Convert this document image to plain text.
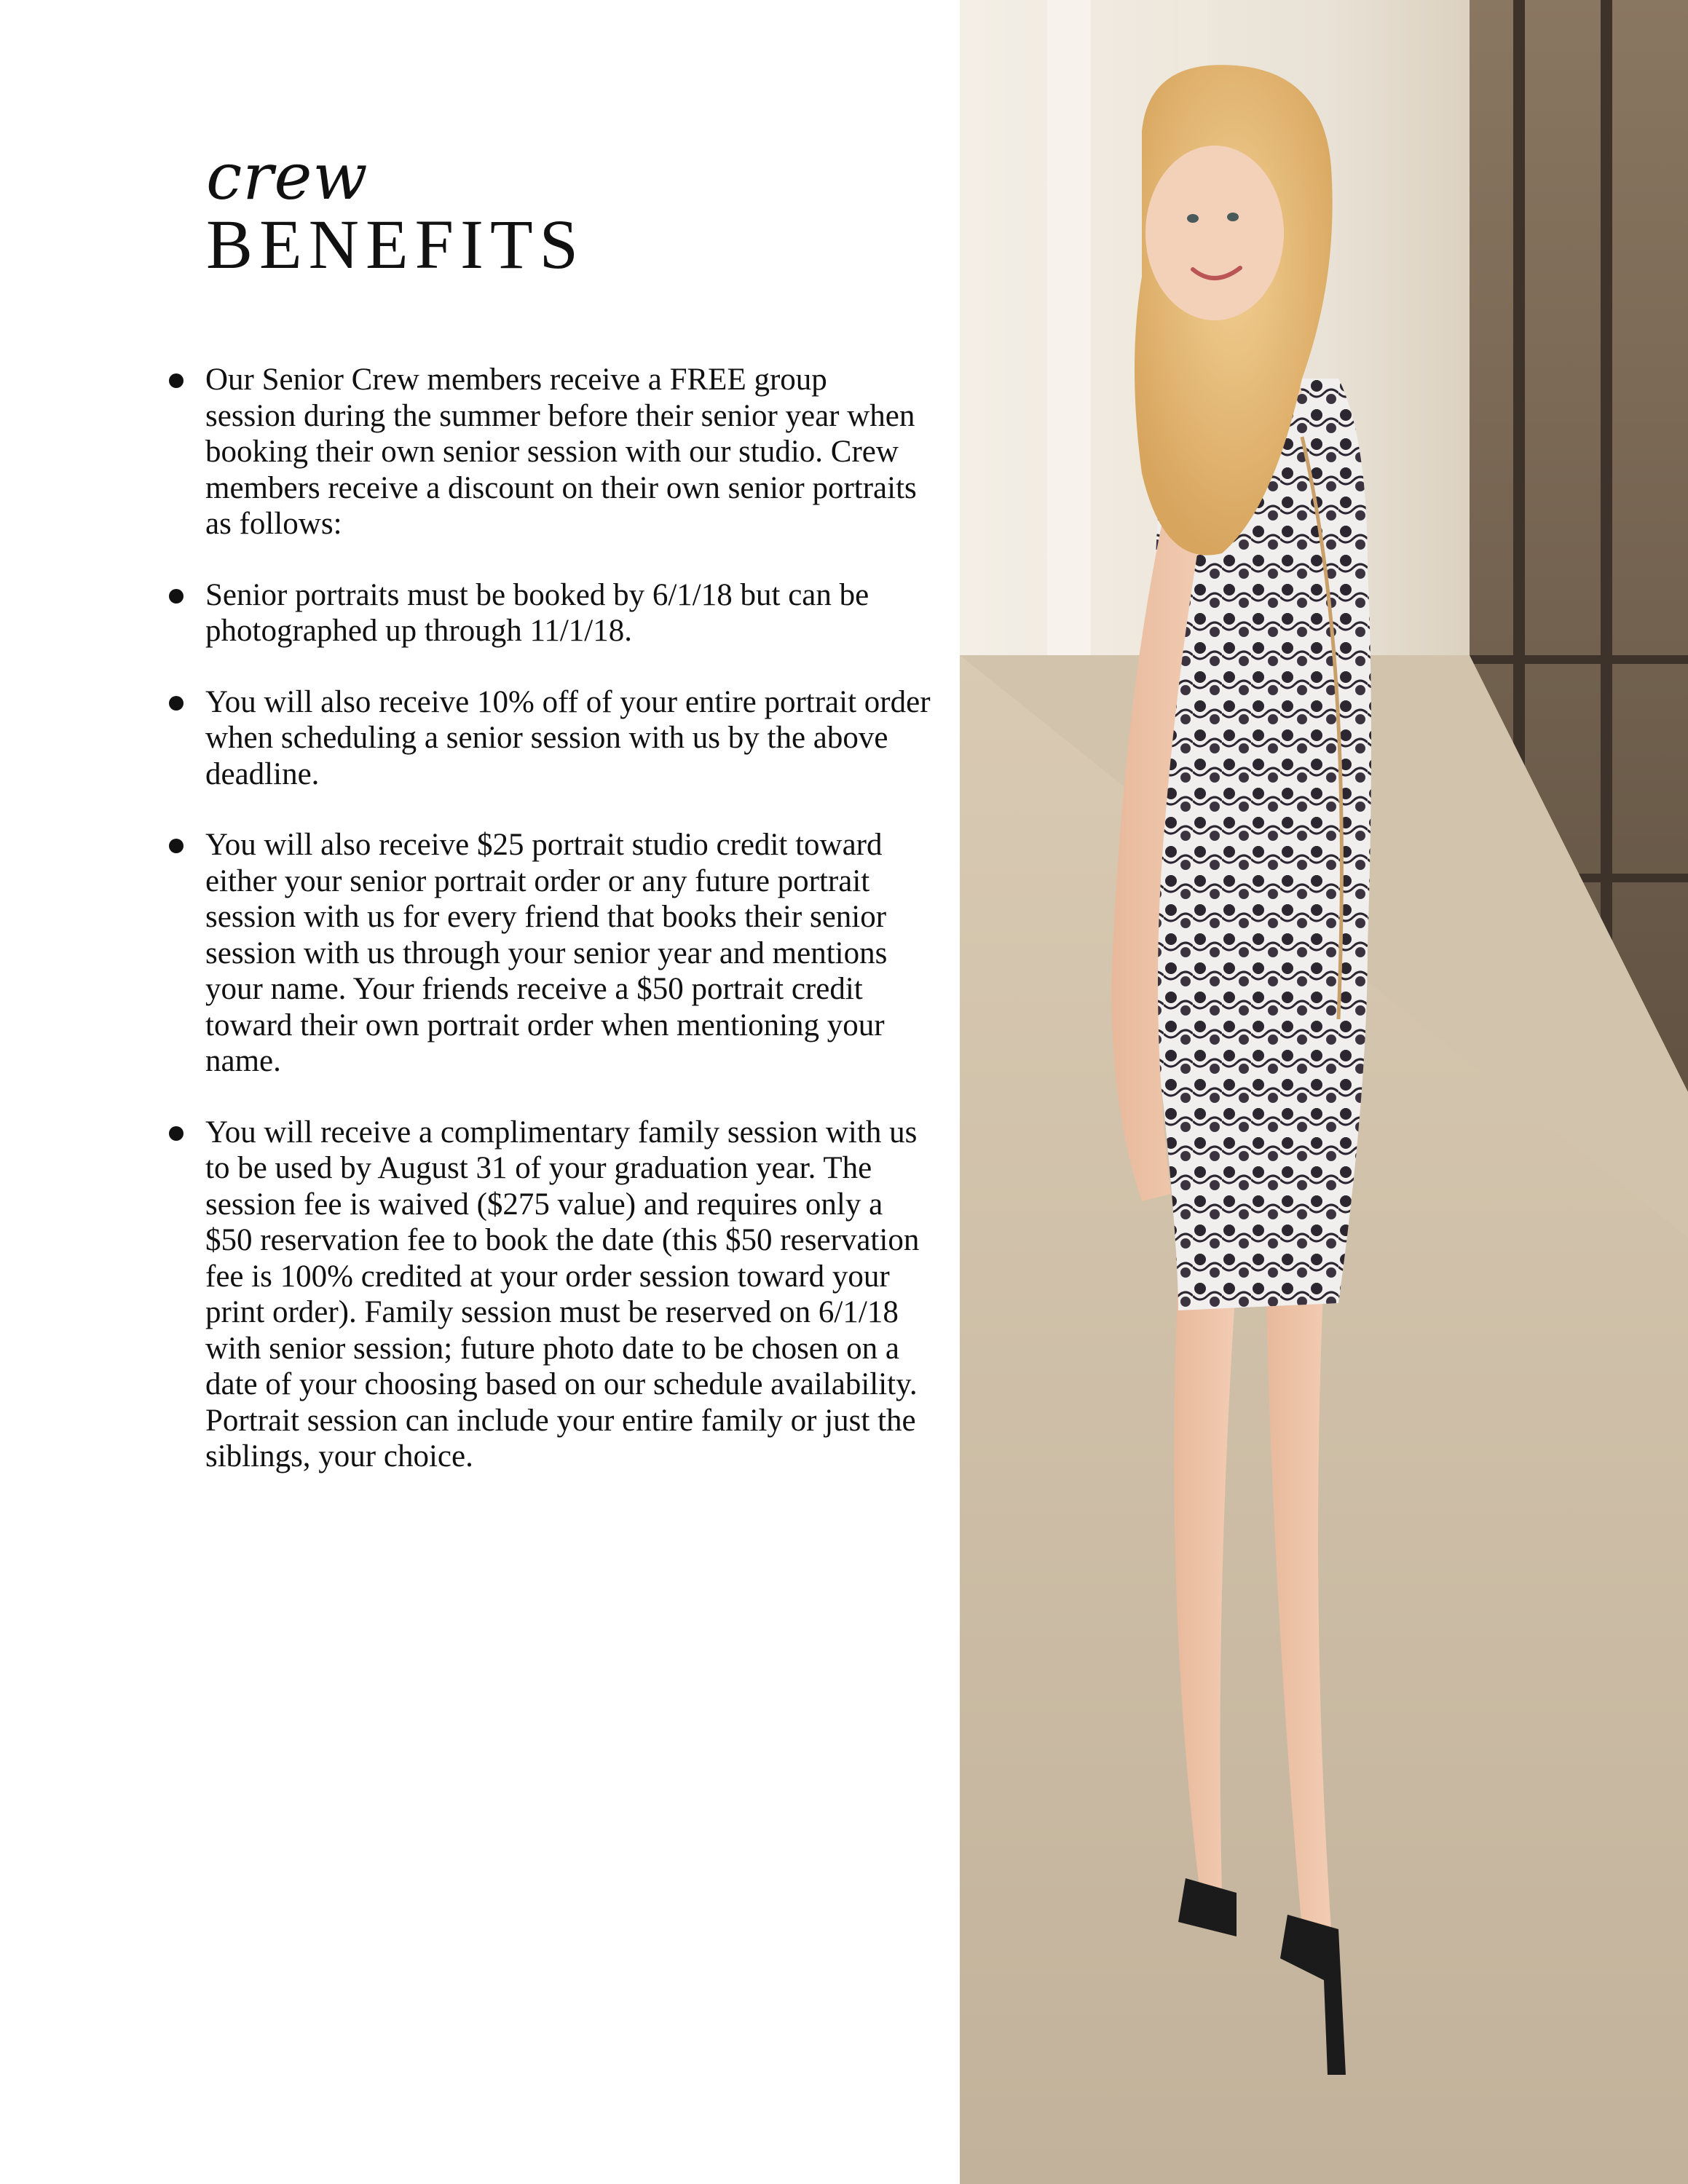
crew
BENEFITS
Our Senior Crew members receive a FREE group session during the summer before their senior year when booking their own senior session with our studio. Crew members receive a discount on their own senior portraits as follows:
Senior portraits must be booked by 6/1/18 but can be photographed up through 11/1/18.
You will also receive 10% off of your entire portrait order when scheduling a senior session with us by the above deadline.
You will also receive $25 portrait studio credit toward either your senior portrait order or any future portrait session with us for every friend that books their senior session with us through your senior year and mentions your name. Your friends receive a $50 portrait credit toward their own portrait order when mentioning your name.
You will receive a complimentary family session with us to be used by August 31 of your graduation year. The session fee is waived ($275 value) and requires only a $50 reservation fee to book the date (this $50 reservation fee is 100% credited at your order session toward your print order). Family session must be reserved on 6/1/18 with senior session; future photo date to be chosen on a date of your choosing based on our schedule availability. Portrait session can include your entire family or just the siblings, your choice.
